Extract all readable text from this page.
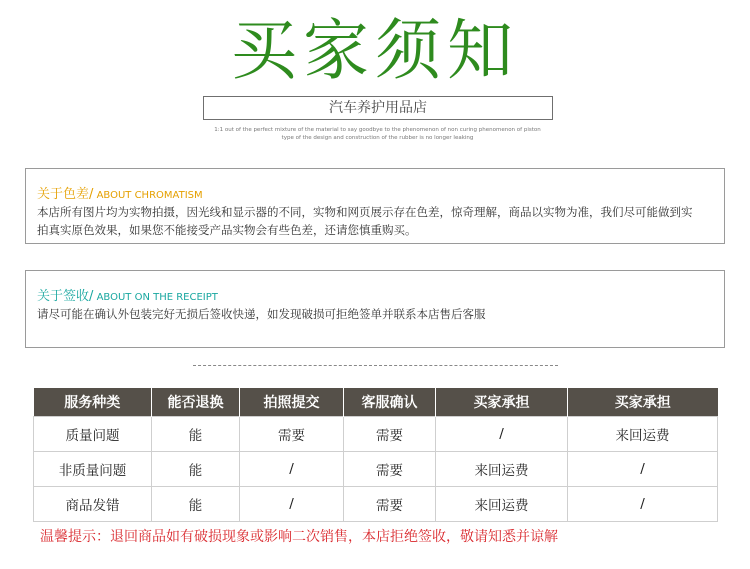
买家须知
汽车养护用品店
1:1 out of the perfect mixture of the material to say goodbye to the phenomenon of non curing phenomenon of piston
type of the design and construction of the rubber is no longer leaking
关于色差/ ABOUT CHROMATISM
本店所有图片均为实物拍摄，因光线和显示器的不同，实物和网页展示存在色差，惊奇理解，商品以实物为准，我们尽可能做到实拍真实原色效果，如果您不能接受产品实物会有些色差，还请您慎重购买。
关于签收/ ABOUT ON THE RECEIPT
请尽可能在确认外包装完好无损后签收快递，如发现破损可拒绝签单并联系本店售后客服
服务种类	能否退换	拍照提交	客服确认	买家承担	买家承担
质量问题	能	需要	需要	/	来回运费
非质量问题	能	/	需要	来回运费	/
商品发错	能	/	需要	来回运费	/
温馨提示：退回商品如有破损现象或影响二次销售，本店拒绝签收，敬请知悉并谅解
